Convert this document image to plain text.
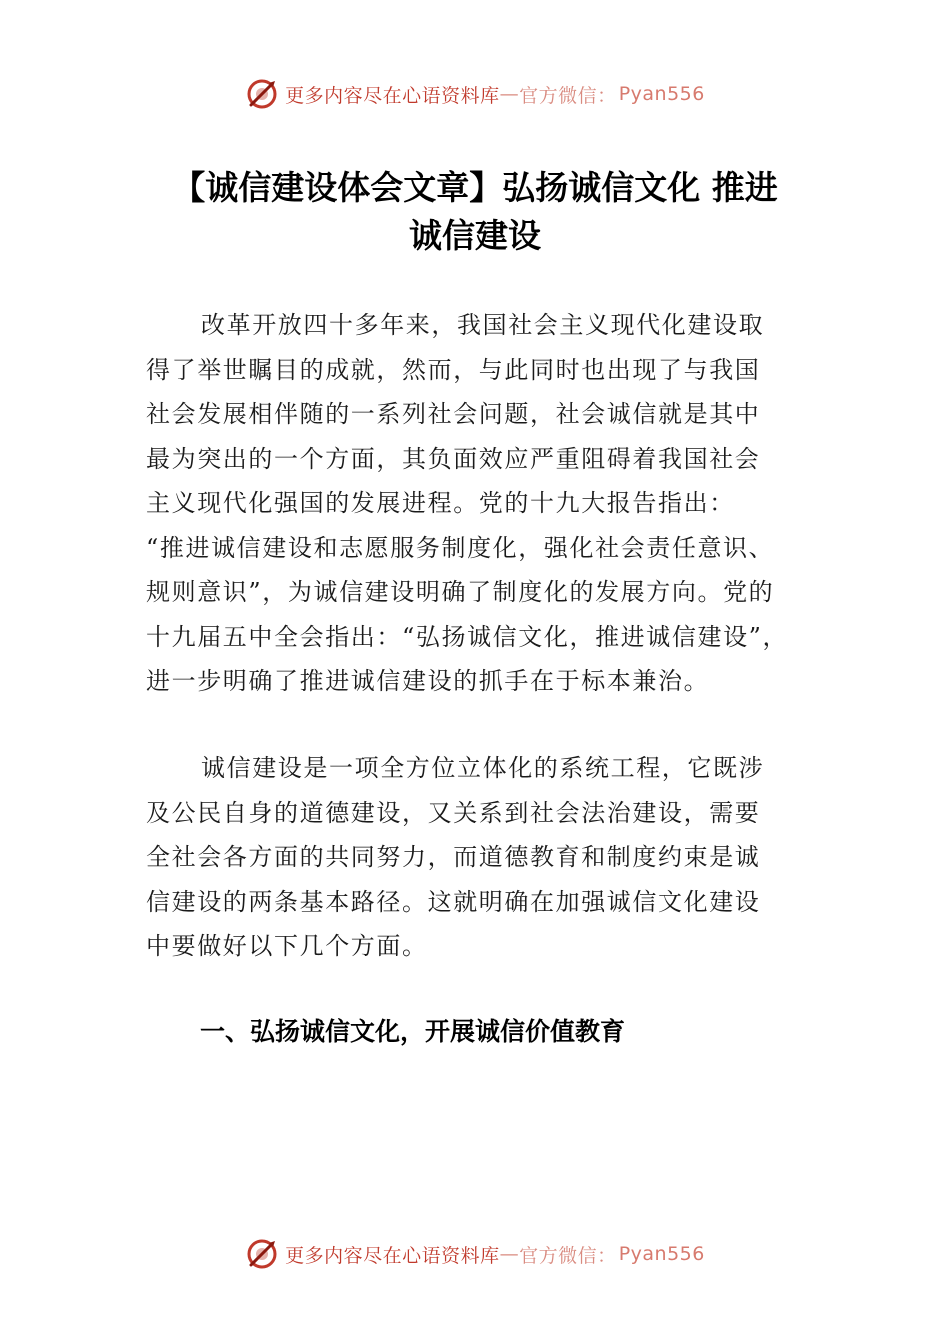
更多内容尽在心语资料库 — 官方微信： Pyan556
【诚信建设体会文章】弘扬诚信文化 推进
诚信建设
改革开放四十多年来，我国社会主义现代化建设取
得了举世瞩目的成就，然而，与此同时也出现了与我国
社会发展相伴随的一系列社会问题，社会诚信就是其中
最为突出的一个方面，其负面效应严重阻碍着我国社会
主义现代化强国的发展进程。党的十九大报告指出：
“推进诚信建设和志愿服务制度化，强化社会责任意识、
规则意识”，为诚信建设明确了制度化的发展方向。党的
十九届五中全会指出：“弘扬诚信文化，推进诚信建设”，
进一步明确了推进诚信建设的抓手在于标本兼治。
诚信建设是一项全方位立体化的系统工程，它既涉
及公民自身的道德建设，又关系到社会法治建设，需要
全社会各方面的共同努力，而道德教育和制度约束是诚
信建设的两条基本路径。这就明确在加强诚信文化建设
中要做好以下几个方面。
一、弘扬诚信文化，开展诚信价值教育
更多内容尽在心语资料库 — 官方微信： Pyan556
